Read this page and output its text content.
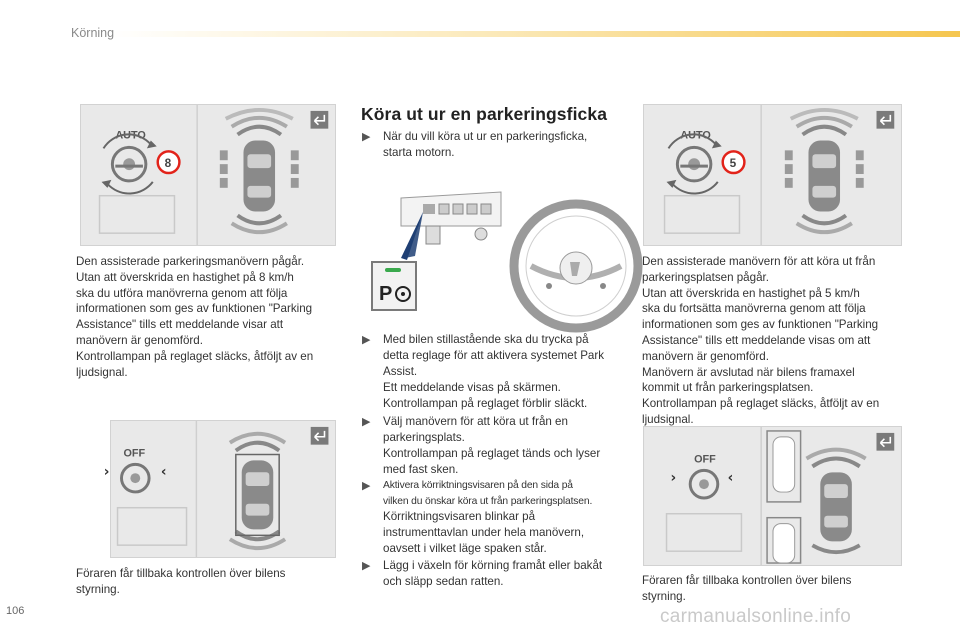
Körning
AUTO
8

Den assisterade parkeringsmanövern pågår.

Utan att överskrida en hastighet på 8 km/h

ska du utföra manövrerna genom att följa

informationen som ges av funktionen "Parking

Assistance" tills ett meddelande visar att

manövern är genomförd.

Kontrollampan på reglaget släcks, åtföljt av en

ljudsignal.

OFF
›	‹

Föraren får tillbaka kontrollen över bilens

styrning.

Köra ut ur en parkeringsficka
▶	När du vill köra ut ur en parkeringsficka,

starta motorn.

P
▶	Med bilen stillastående ska du trycka på

detta reglage för att aktivera systemet Park

Assist.

Ett meddelande visas på skärmen.

Kontrollampan på reglaget förblir släckt.

▶	Välj manövern för att köra ut från en

parkeringsplats.

Kontrollampan på reglaget tänds och lyser

med fast sken.

▶	Aktivera körriktningsvisaren på den sida på

vilken du önskar köra ut från parkeringsplatsen.

Körriktningsvisaren blinkar på

instrumenttavlan under hela manövern,

oavsett i vilket läge spaken står.

▶	Lägg i växeln för körning framåt eller bakåt

och släpp sedan ratten.

AUTO
5

Den assisterade manövern för att köra ut från

parkeringsplatsen pågår.

Utan att överskrida en hastighet på 5 km/h

ska du fortsätta manövrerna genom att följa

informationen som ges av funktionen "Parking

Assistance" tills ett meddelande visas om att

manövern är genomförd.

Manövern är avslutad när bilens framaxel

kommit ut från parkeringsplatsen.

Kontrollampan på reglaget släcks, åtföljt av en

ljudsignal.

OFF
›	‹

Föraren får tillbaka kontrollen över bilens

styrning.

106	carmanualsonline.info
